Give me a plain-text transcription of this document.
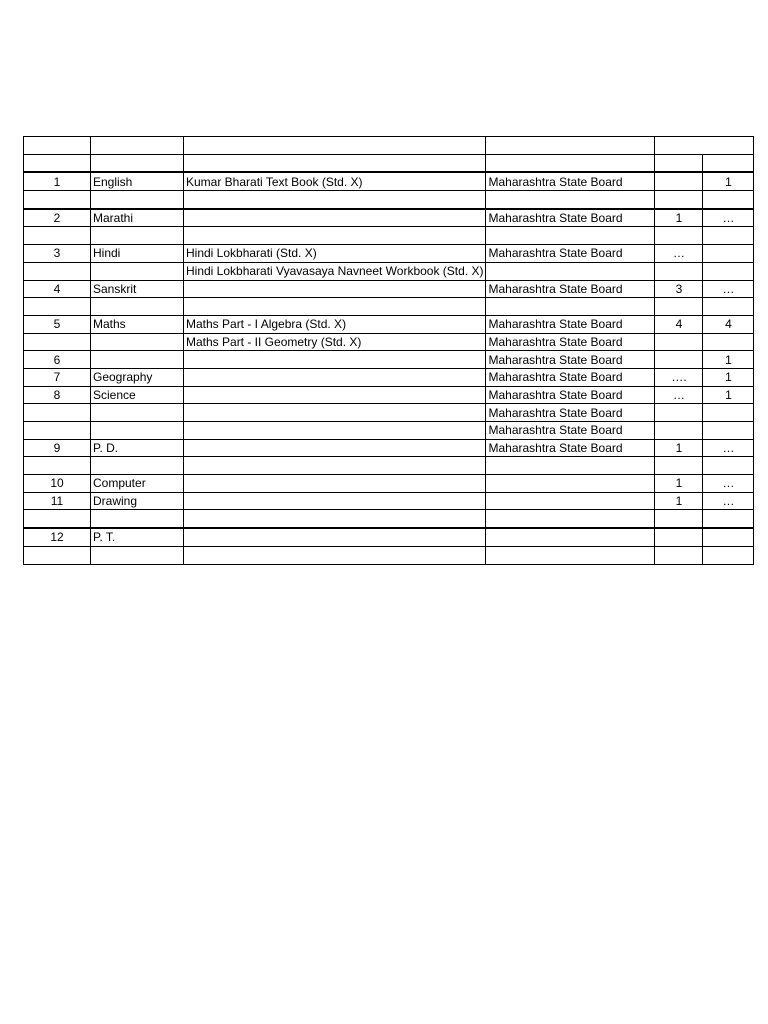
1	English	Kumar Bharati Text Book (Std. X)	Maharashtra State Board		1

2	Marathi		Maharashtra State Board	1	…

3	Hindi	Hindi Lokbharati (Std. X)	Maharashtra State Board	…	
		Hindi Lokbharati Vyavasaya Navneet Workbook (Std. X)			
4	Sanskrit		Maharashtra State Board	3	…

5	Maths	Maths Part - I Algebra (Std. X)	Maharashtra State Board	4	4
		Maths Part - II Geometry (Std. X)	Maharashtra State Board		
6			Maharashtra State Board		1
7	Geography		Maharashtra State Board	….	1
8	Science		Maharashtra State Board	…	1
			Maharashtra State Board		
			Maharashtra State Board		
9	P. D.		Maharashtra State Board	1	…

10	Computer			1	…
11	Drawing			1	…

12	P. T.				
